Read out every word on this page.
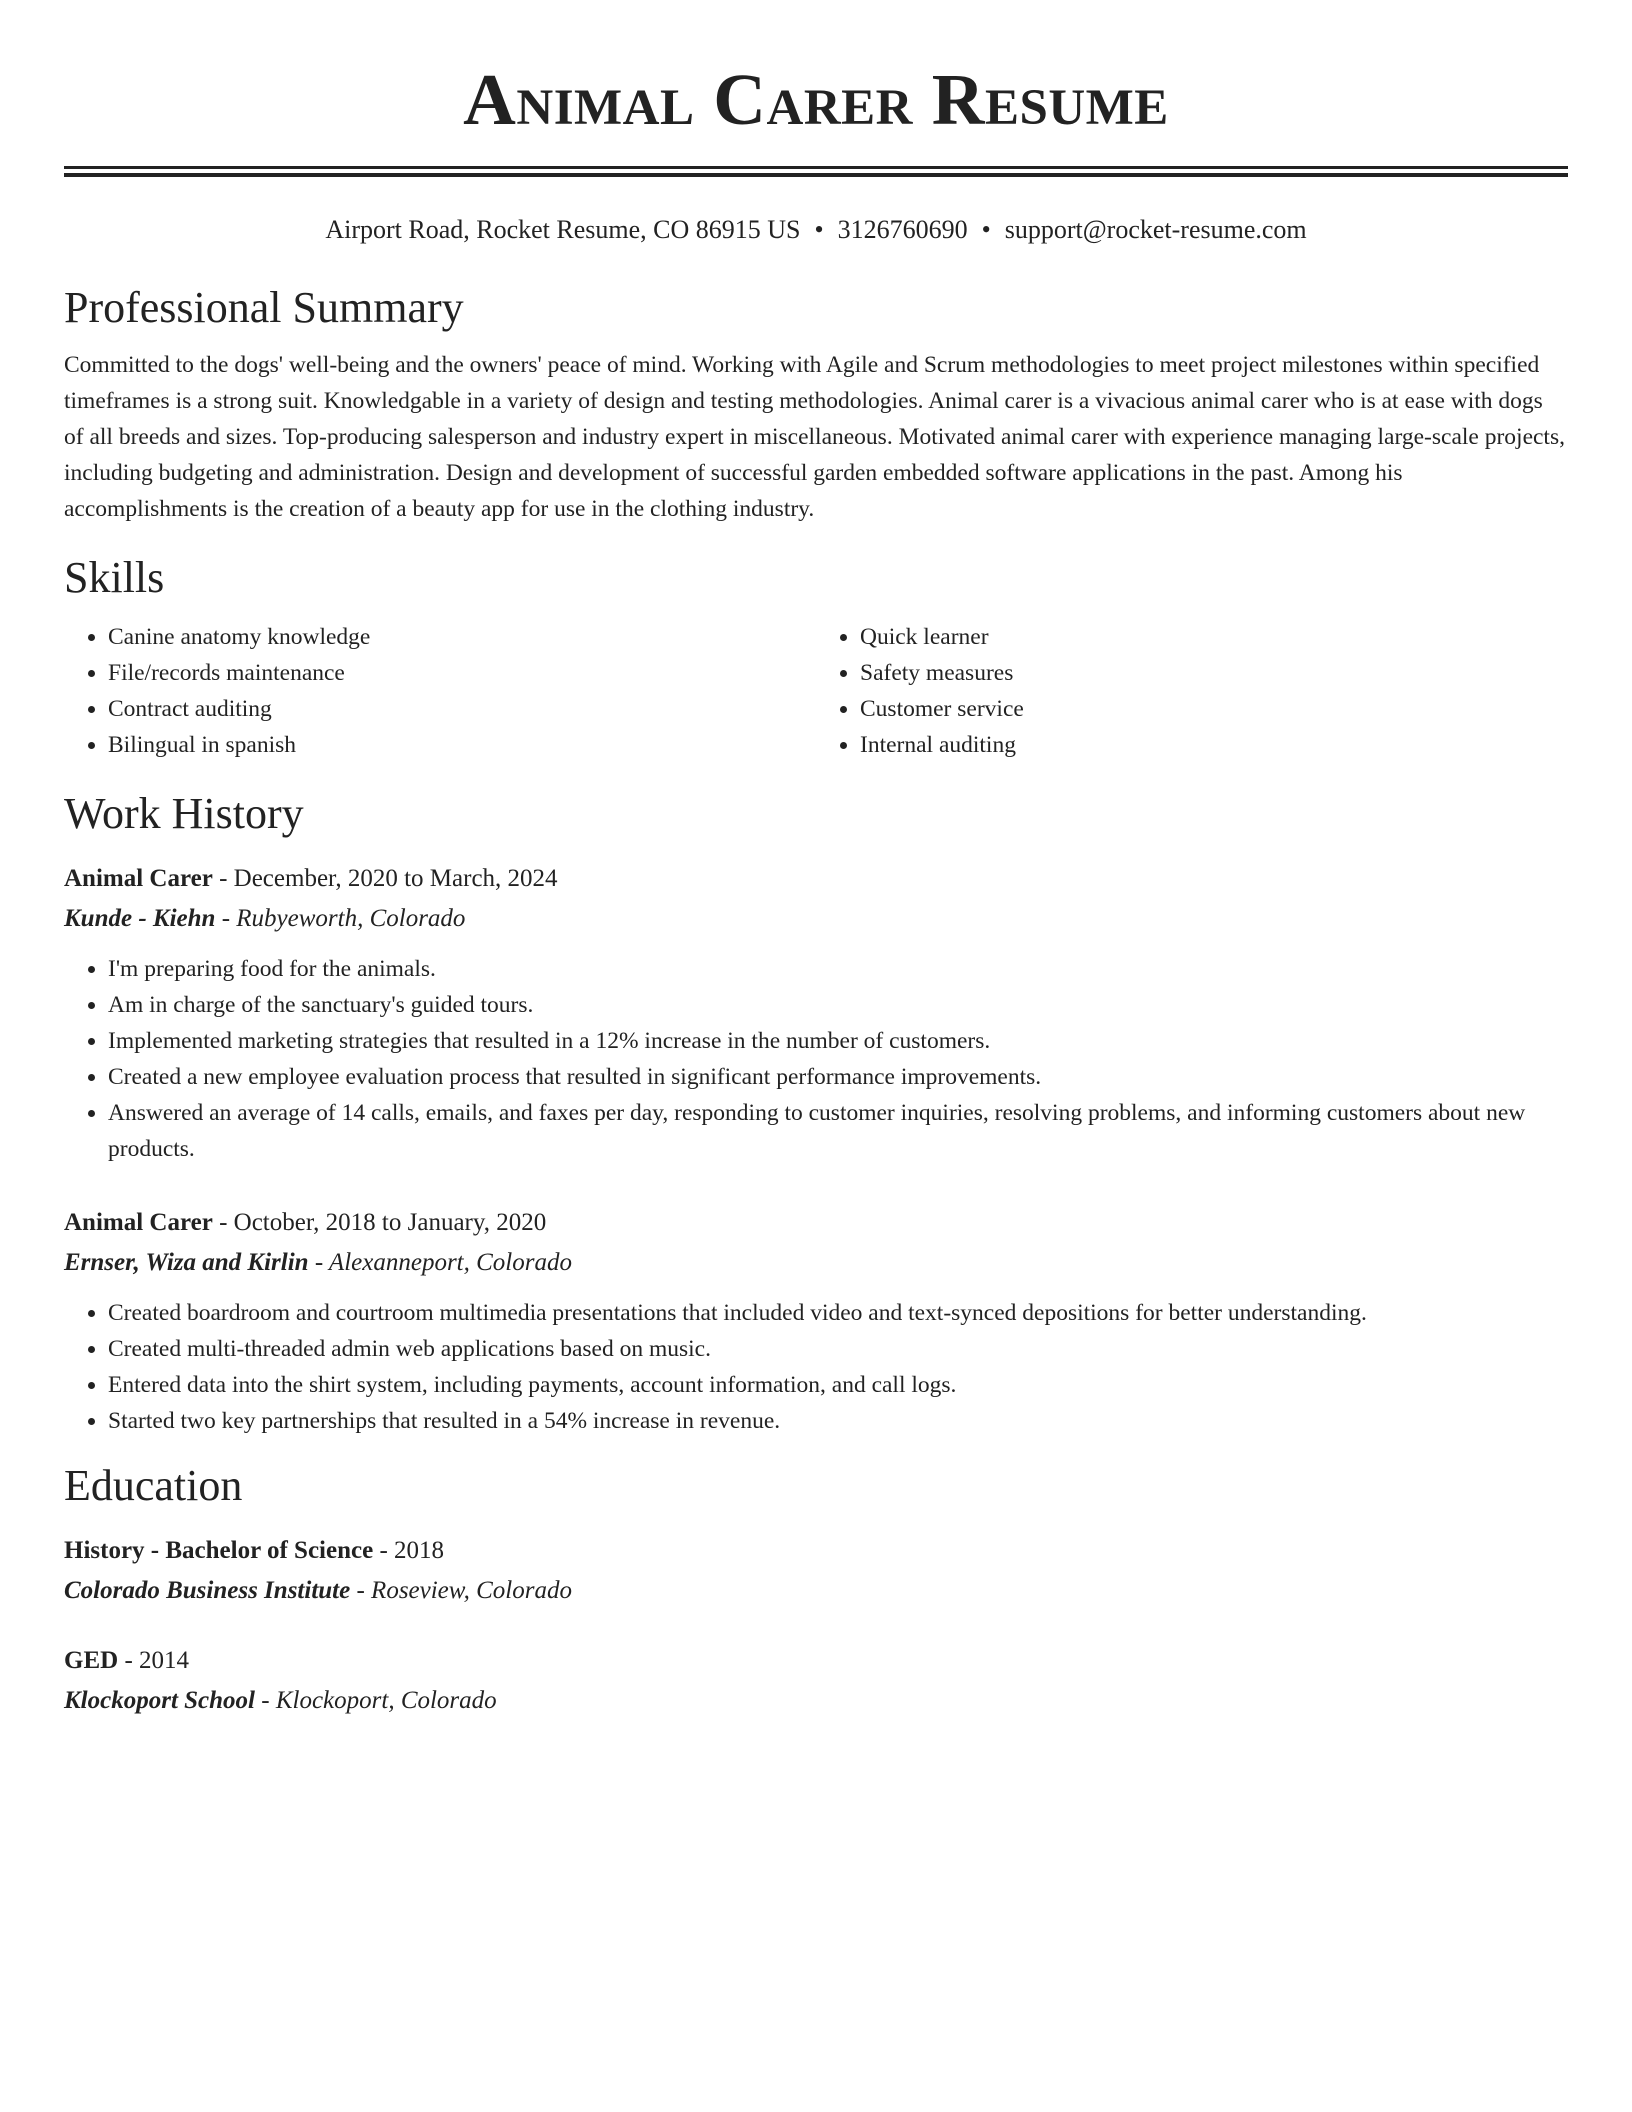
Animal Carer Resume
Airport Road, Rocket Resume, CO 86915 US • 3126760690 • support@rocket-resume.com
Professional Summary

Committed to the dogs' well-being and the owners' peace of mind. Working with Agile and Scrum methodologies to meet project milestones within specified timeframes is a strong suit. Knowledgable in a variety of design and testing methodologies. Animal carer is a vivacious animal carer who is at ease with dogs of all breeds and sizes. Top-producing salesperson and industry expert in miscellaneous. Motivated animal carer with experience managing large-scale projects, including budgeting and administration. Design and development of successful garden embedded software applications in the past. Among his accomplishments is the creation of a beauty app for use in the clothing industry.

Skills
• Canine anatomy knowledge
• File/records maintenance
• Contract auditing
• Bilingual in spanish
• Quick learner
• Safety measures
• Customer service
• Internal auditing
Work History
Animal Carer - December, 2020 to March, 2024
Kunde - Kiehn - Rubyeworth, Colorado
• I'm preparing food for the animals.
• Am in charge of the sanctuary's guided tours.
• Implemented marketing strategies that resulted in a 12% increase in the number of customers.
• Created a new employee evaluation process that resulted in significant performance improvements.
• Answered an average of 14 calls, emails, and faxes per day, responding to customer inquiries, resolving problems, and informing customers about new products.
Animal Carer - October, 2018 to January, 2020
Ernser, Wiza and Kirlin - Alexanneport, Colorado
• Created boardroom and courtroom multimedia presentations that included video and text-synced depositions for better understanding.
• Created multi-threaded admin web applications based on music.
• Entered data into the shirt system, including payments, account information, and call logs.
• Started two key partnerships that resulted in a 54% increase in revenue.
Education
History - Bachelor of Science - 2018
Colorado Business Institute - Roseview, Colorado
GED - 2014
Klockoport School - Klockoport, Colorado
